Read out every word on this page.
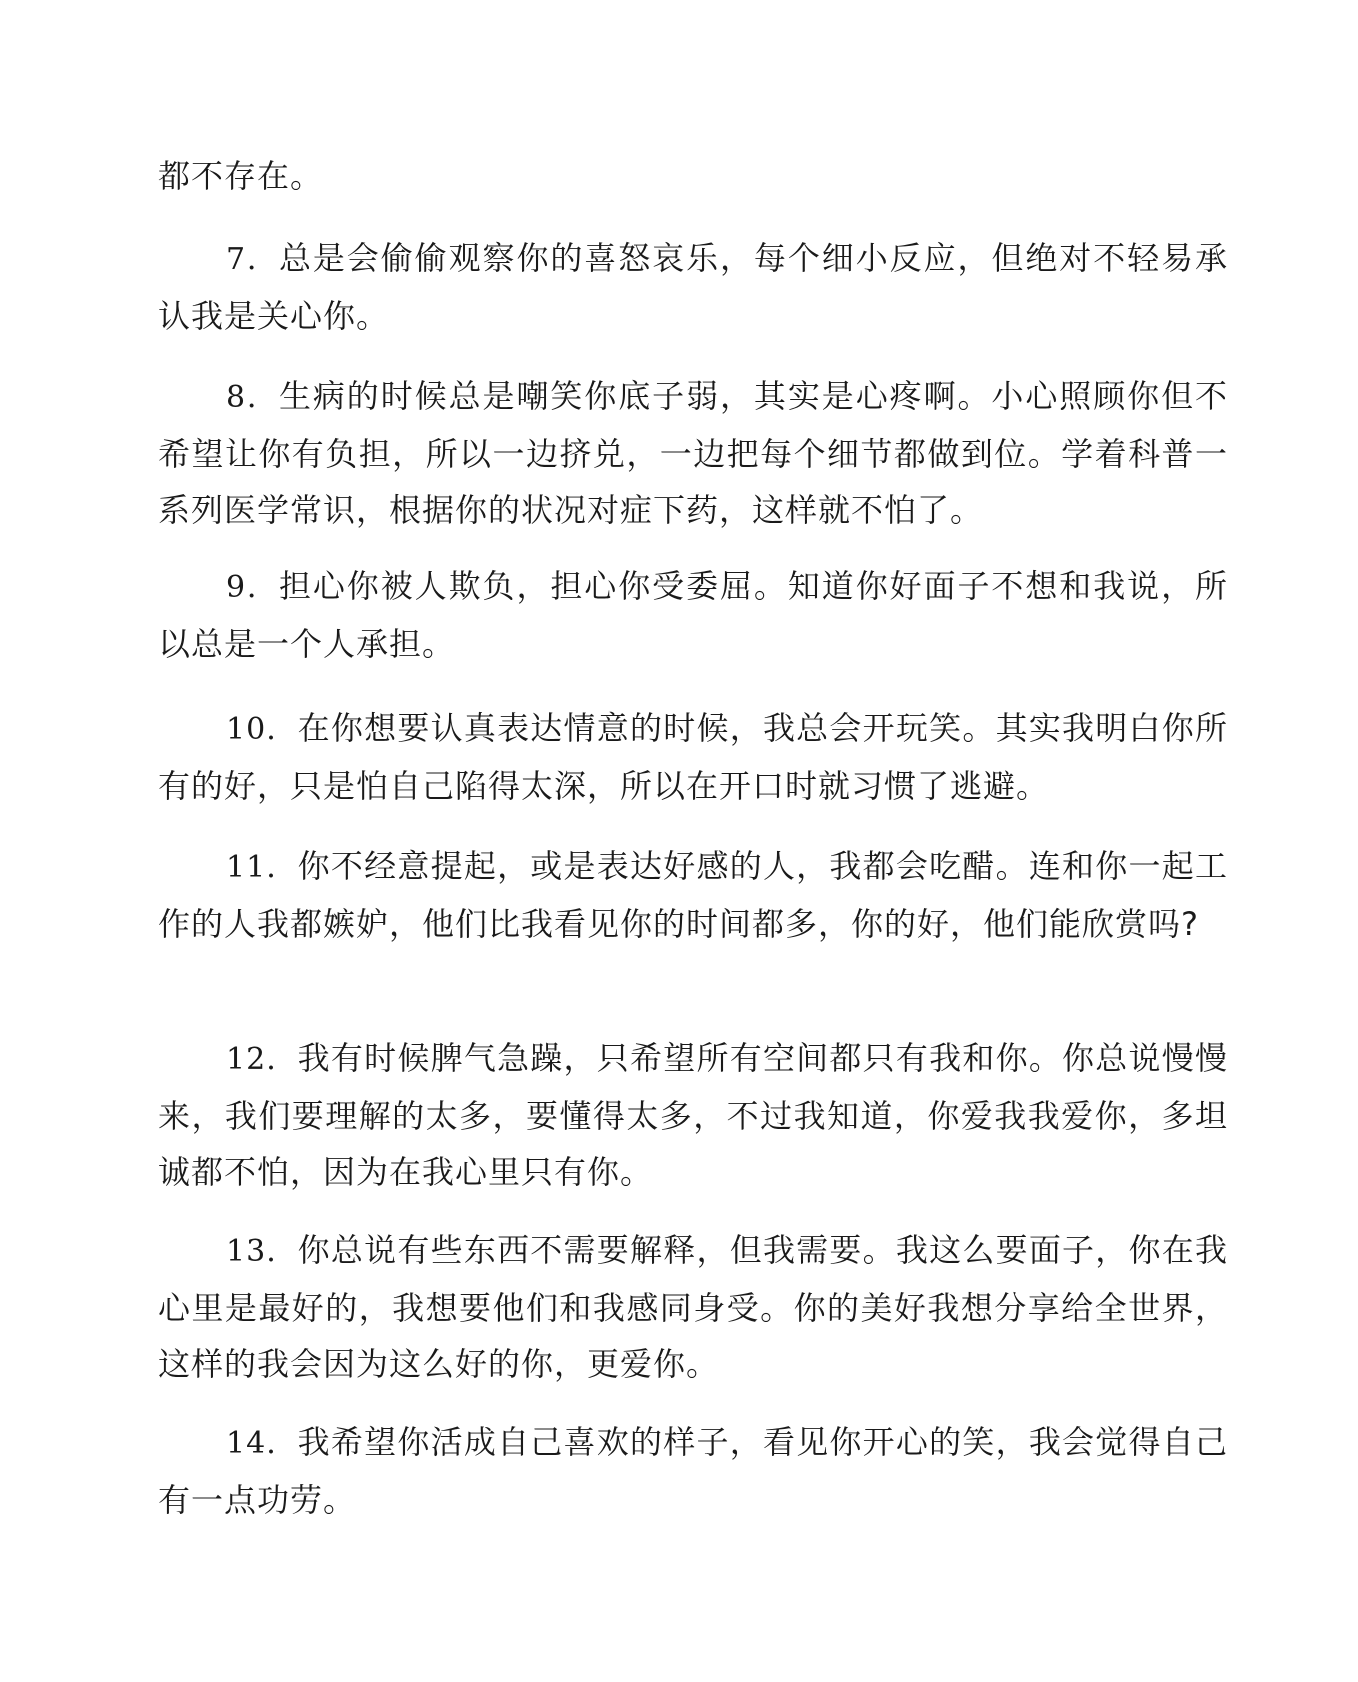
都不存在。

7．总是会偷偷观察你的喜怒哀乐，每个细小反应，但绝对不轻易承认我是关心你。

8．生病的时候总是嘲笑你底子弱，其实是心疼啊。小心照顾你但不希望让你有负担，所以一边挤兑，一边把每个细节都做到位。学着科普一系列医学常识，根据你的状况对症下药，这样就不怕了。

9．担心你被人欺负，担心你受委屈。知道你好面子不想和我说，所以总是一个人承担。

10．在你想要认真表达情意的时候，我总会开玩笑。其实我明白你所有的好，只是怕自己陷得太深，所以在开口时就习惯了逃避。

11．你不经意提起，或是表达好感的人，我都会吃醋。连和你一起工作的人我都嫉妒，他们比我看见你的时间都多，你的好，他们能欣赏吗?

12．我有时候脾气急躁，只希望所有空间都只有我和你。你总说慢慢来，我们要理解的太多，要懂得太多，不过我知道，你爱我我爱你，多坦诚都不怕，因为在我心里只有你。

13．你总说有些东西不需要解释，但我需要。我这么要面子，你在我心里是最好的，我想要他们和我感同身受。你的美好我想分享给全世界，这样的我会因为这么好的你，更爱你。

14．我希望你活成自己喜欢的样子，看见你开心的笑，我会觉得自己有一点功劳。
